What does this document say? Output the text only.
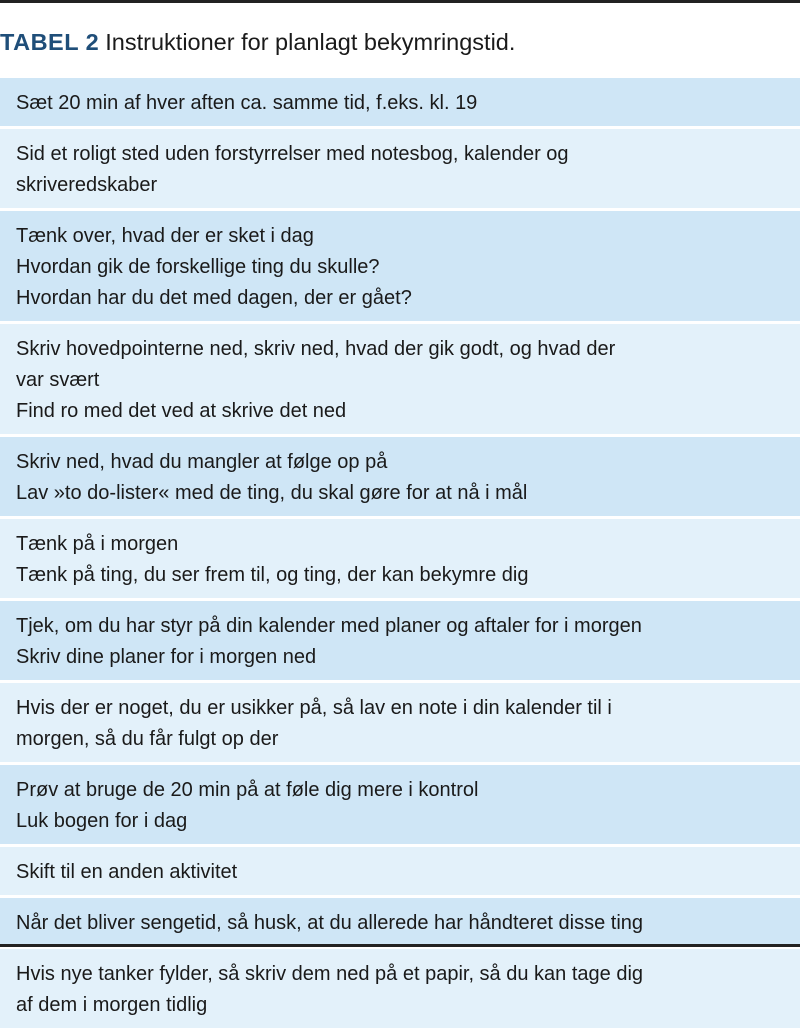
TABEL 2 Instruktioner for planlagt bekymringstid.
Sæt 20 min af hver aften ca. samme tid, f.eks. kl. 19
Sid et roligt sted uden forstyrrelser med notesbog, kalender og
skriveredskaber
Tænk over, hvad der er sket i dag
Hvordan gik de forskellige ting du skulle?
Hvordan har du det med dagen, der er gået?
Skriv hovedpointerne ned, skriv ned, hvad der gik godt, og hvad der
var svært
Find ro med det ved at skrive det ned
Skriv ned, hvad du mangler at følge op på
Lav »to do-lister« med de ting, du skal gøre for at nå i mål
Tænk på i morgen
Tænk på ting, du ser frem til, og ting, der kan bekymre dig
Tjek, om du har styr på din kalender med planer og aftaler for i morgen
Skriv dine planer for i morgen ned
Hvis der er noget, du er usikker på, så lav en note i din kalender til i
morgen, så du får fulgt op der
Prøv at bruge de 20 min på at føle dig mere i kontrol
Luk bogen for i dag
Skift til en anden aktivitet
Når det bliver sengetid, så husk, at du allerede har håndteret disse ting
Hvis nye tanker fylder, så skriv dem ned på et papir, så du kan tage dig
af dem i morgen tidlig
